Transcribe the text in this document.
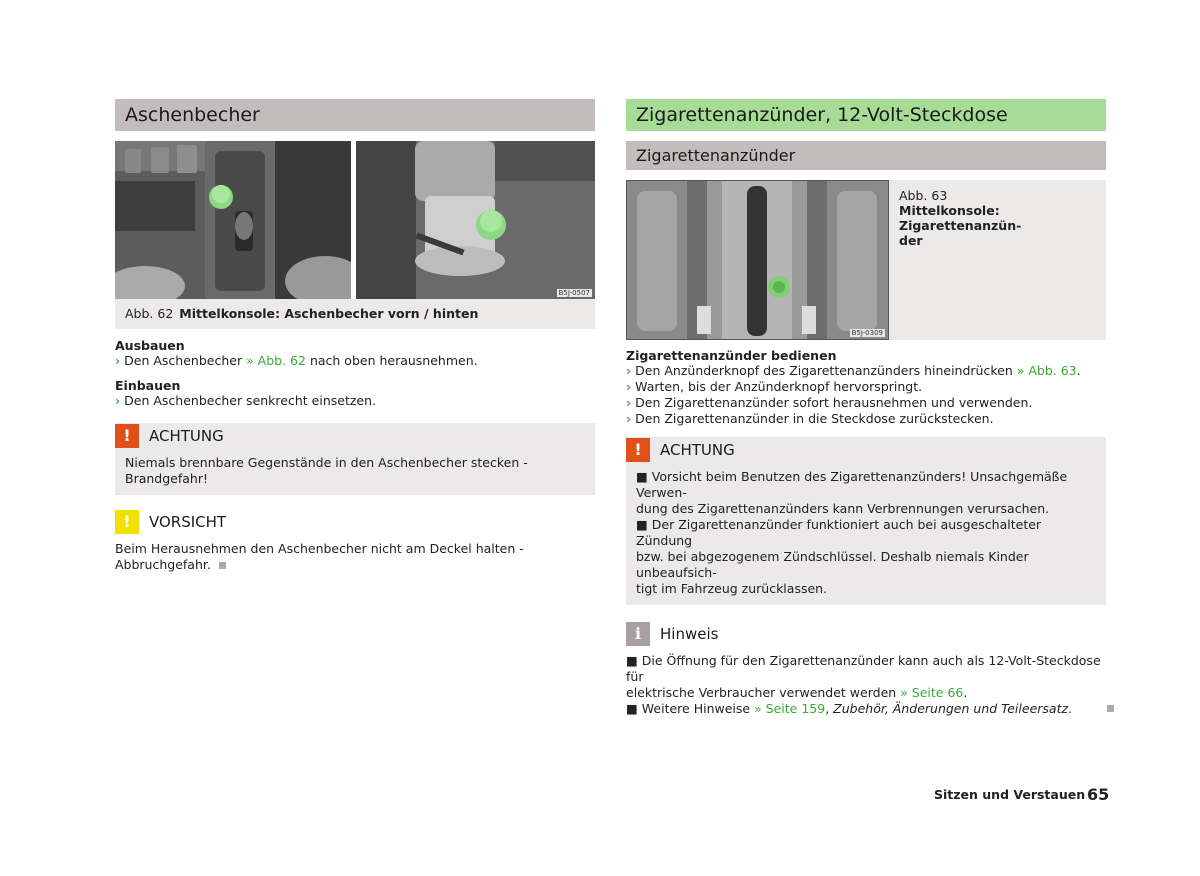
Aschenbecher
B5J-0507
Abb. 62 Mittelkonsole: Aschenbecher vorn / hinten
Ausbauen
› Den Aschenbecher » Abb. 62 nach oben herausnehmen.
Einbauen
› Den Aschenbecher senkrecht einsetzen.
!	ACHTUNG
Niemals brennbare Gegenstände in den Aschenbecher stecken - Brandgefahr!
!	VORSICHT
Beim Herausnehmen den Aschenbecher nicht am Deckel halten - Abbruchgefahr.
Zigarettenanzünder, 12-Volt-Steckdose
Zigarettenanzünder
B5J-0309
Abb. 63
Mittelkonsole: Zigarettenanzün-
der
Zigarettenanzünder bedienen
› Den Anzünderknopf des Zigarettenanzünders hineindrücken » Abb. 63.
› Warten, bis der Anzünderknopf hervorspringt.
› Den Zigarettenanzünder sofort herausnehmen und verwenden.
› Den Zigarettenanzünder in die Steckdose zurückstecken.
!	ACHTUNG
■ Vorsicht beim Benutzen des Zigarettenanzünders! Unsachgemäße Verwen-
dung des Zigarettenanzünders kann Verbrennungen verursachen.
■ Der Zigarettenanzünder funktioniert auch bei ausgeschalteter Zündung
bzw. bei abgezogenem Zündschlüssel. Deshalb niemals Kinder unbeaufsich-
tigt im Fahrzeug zurücklassen.
i	Hinweis
■ Die Öffnung für den Zigarettenanzünder kann auch als 12-Volt-Steckdose für
elektrische Verbraucher verwendet werden » Seite 66.
■ Weitere Hinweise » Seite 159, Zubehör, Änderungen und Teileersatz.
Sitzen und Verstauen 65
